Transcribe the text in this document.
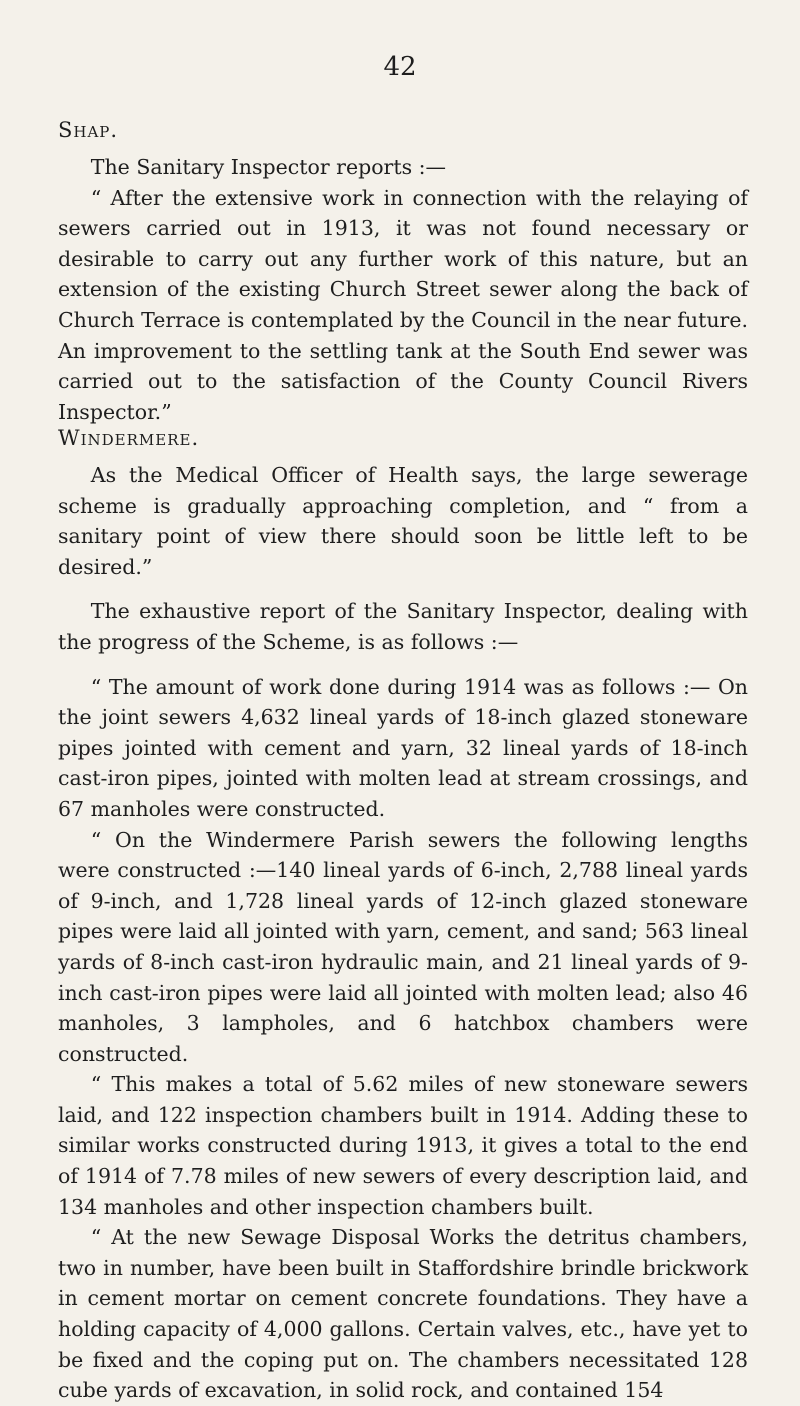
42
Shap.

The Sanitary Inspector reports :—

“ After the extensive work in connection with the relaying of sewers carried out in 1913, it was not found necessary or desirable to carry out any further work of this nature, but an extension of the existing Church Street sewer along the back of Church Terrace is contemplated by the Council in the near future. An improvement to the settling tank at the South End sewer was carried out to the satisfaction of the County Council Rivers Inspector.”

Windermere.

As the Medical Officer of Health says, the large sewerage scheme is gradually approaching completion, and “ from a sanitary point of view there should soon be little left to be desired.”

The exhaustive report of the Sanitary Inspector, dealing with the progress of the Scheme, is as follows :—

“ The amount of work done during 1914 was as follows :— On the joint sewers 4,632 lineal yards of 18-inch glazed stoneware pipes jointed with cement and yarn, 32 lineal yards of 18-inch cast-iron pipes, jointed with molten lead at stream crossings, and 67 manholes were constructed.

“ On the Windermere Parish sewers the following lengths were constructed :—140 lineal yards of 6-inch, 2,788 lineal yards of 9-inch, and 1,728 lineal yards of 12-inch glazed stoneware pipes were laid all jointed with yarn, cement, and sand; 563 lineal yards of 8-inch cast-iron hydraulic main, and 21 lineal yards of 9-inch cast-iron pipes were laid all jointed with molten lead; also 46 manholes, 3 lampholes, and 6 hatchbox chambers were constructed.

“ This makes a total of 5.62 miles of new stoneware sewers laid, and 122 inspection chambers built in 1914. Adding these to similar works constructed during 1913, it gives a total to the end of 1914 of 7.78 miles of new sewers of every description laid, and 134 manholes and other inspection chambers built.

“ At the new Sewage Disposal Works the detritus chambers, two in number, have been built in Staffordshire brindle brickwork in cement mortar on cement concrete foundations. They have a holding capacity of 4,000 gallons. Certain valves, etc., have yet to be fixed and the coping put on. The chambers necessitated 128 cube yards of excavation, in solid rock, and contained 154
